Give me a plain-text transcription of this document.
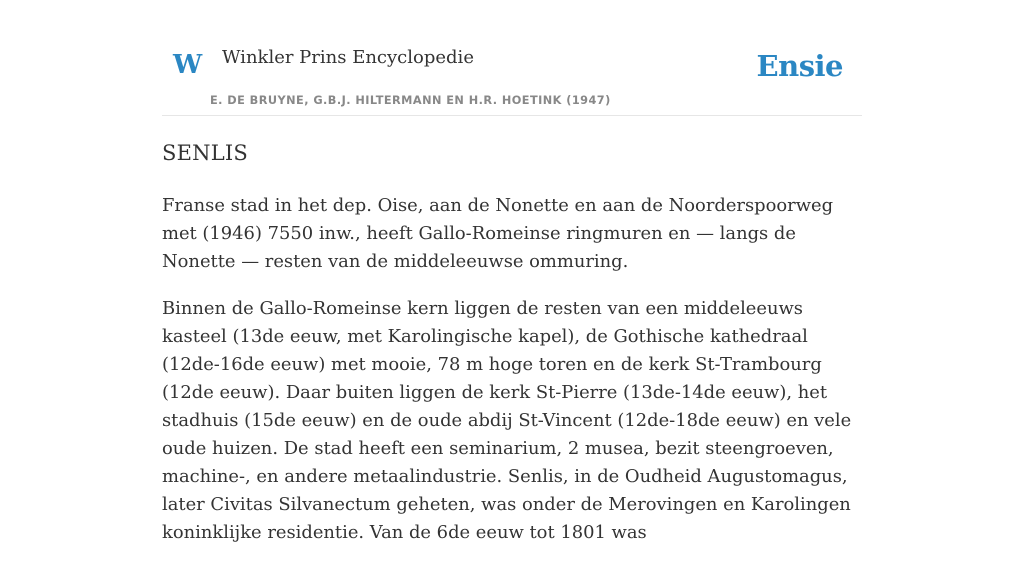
W Winkler Prins Encyclopedie
E. DE BRUYNE, G.B.J. HILTERMANN EN H.R. HOETINK (1947)
Ensie
SENLIS

Franse stad in het dep. Oise, aan de Nonette en aan de Noorderspoorweg met (1946) 7550 inw., heeft Gallo-Romeinse ringmuren en — langs de Nonette — resten van de middeleeuwse ommuring.

Binnen de Gallo-Romeinse kern liggen de resten van een middeleeuws kasteel (13de eeuw, met Karolingische kapel), de Gothische kathedraal (12de-16de eeuw) met mooie, 78 m hoge toren en de kerk St-Trambourg (12de eeuw). Daar buiten liggen de kerk St-Pierre (13de-14de eeuw), het stadhuis (15de eeuw) en de oude abdij St-Vincent (12de-18de eeuw) en vele oude huizen. De stad heeft een seminarium, 2 musea, bezit steengroeven, machine-, en andere metaalindustrie. Senlis, in de Oudheid Augustomagus, later Civitas Silvanectum geheten, was onder de Merovingen en Karolingen koninklijke residentie. Van de 6de eeuw tot 1801 was
